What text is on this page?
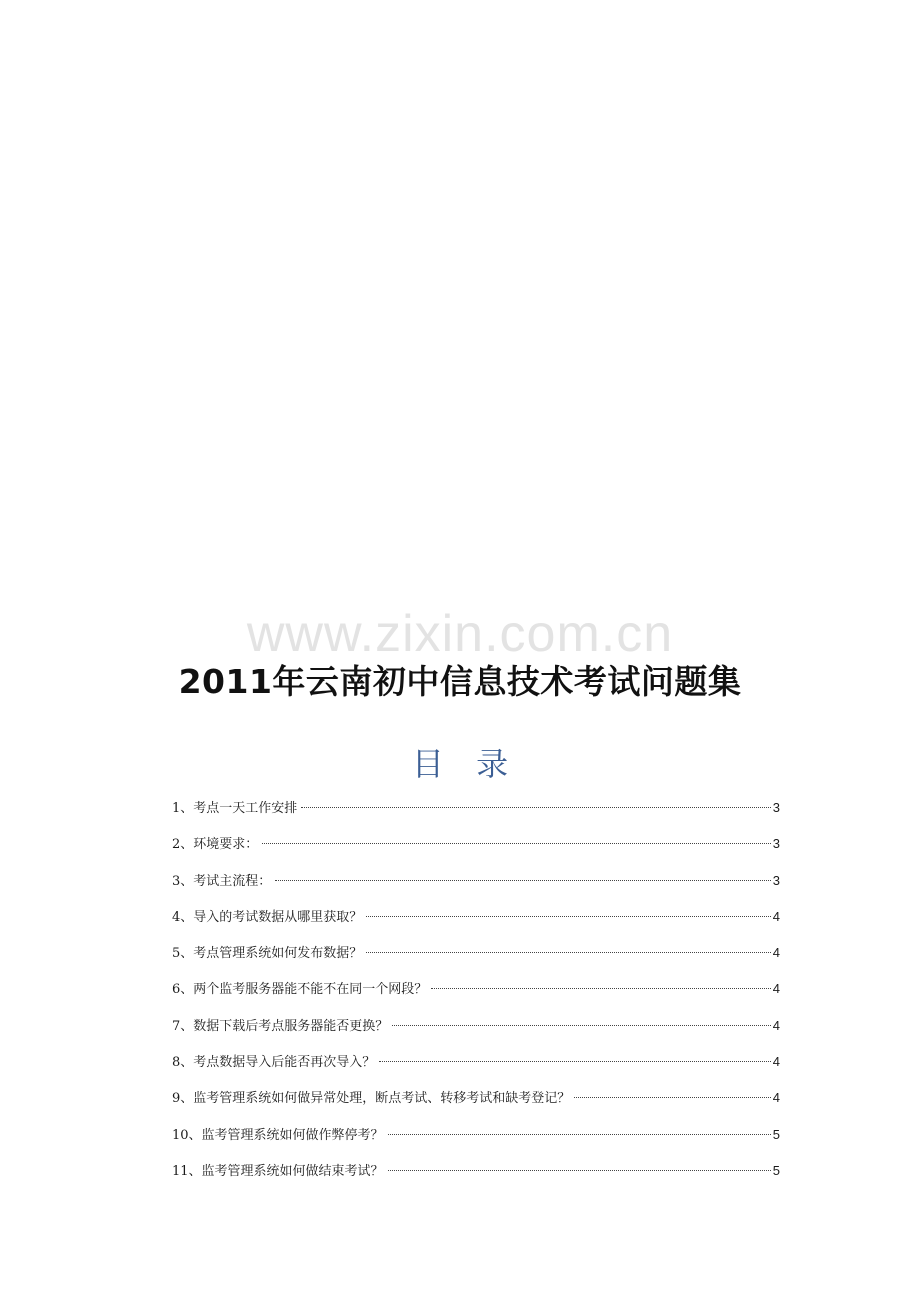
www.zixin.com.cn
2011年云南初中信息技术考试问题集
目 录
1、考点一天工作安排	3
2、环境要求：	3
3、考试主流程：	3
4、导入的考试数据从哪里获取？	4
5、考点管理系统如何发布数据？	4
6、两个监考服务器能不能不在同一个网段？	4
7、数据下载后考点服务器能否更换？	4
8、考点数据导入后能否再次导入？	4
9、监考管理系统如何做异常处理，断点考试、转移考试和缺考登记？	4
10、监考管理系统如何做作弊停考？	5
11、监考管理系统如何做结束考试？	5
